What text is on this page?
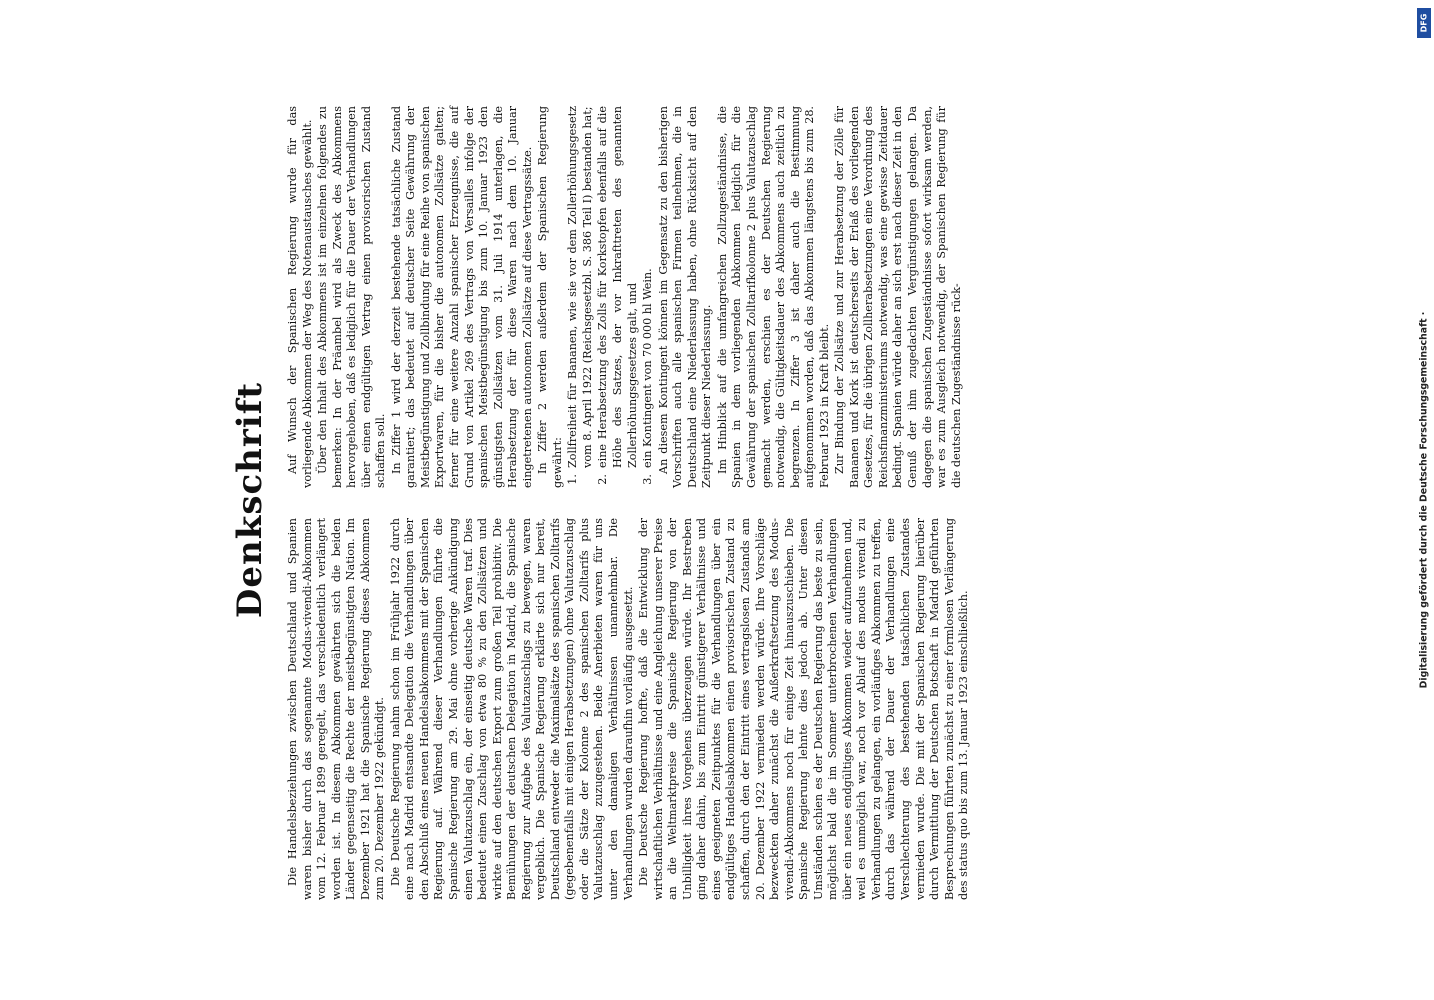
Denkschrift

Die Handelsbeziehungen zwischen Deutschland und Spanien waren bisher durch das sogenannte Modus-vivendi-Abkommen vom 12. Februar 1899 geregelt, das verschiedentlich verlängert worden ist. In diesem Abkommen gewährten sich die beiden Länder gegenseitig die Rechte der meistbegünstigten Nation. Im Dezember 1921 hat die Spanische Regierung dieses Abkommen zum 20. Dezember 1922 gekündigt. Die Deutsche Regierung nahm schon im Frühjahr 1922 durch eine nach Madrid entsandte Delegation die Verhandlungen über den Abschluß eines neuen Handelsabkommens mit der Spanischen Regierung auf. Während dieser Verhandlungen führte die Spanische Regierung am 29. Mai ohne vorherige Ankündigung einen Valutazuschlag ein, der einseitig deutsche Waren traf. Dies bedeutet einen Zuschlag von etwa 80 % zu den Zollsätzen und wirkte auf den deutschen Export zum großen Teil prohibitiv. Die Bemühungen der deutschen Delegation in Madrid, die Spanische Regierung zur Aufgabe des Valutazuschlags zu bewegen, waren vergeblich. Die Spanische Regierung erklärte sich nur bereit, Deutschland entweder die Maximalsätze des spanischen Zolltarifs (gegebenenfalls mit einigen Herabsetzungen) ohne Valutazuschlag oder die Sätze der Kolonne 2 des spanischen Zolltarifs plus Valutazuschlag zuzugestehen. Beide Anerbieten waren für uns unter den damaligen Verhältnissen unannehmbar. Die Verhandlungen wurden daraufhin vorläufig ausgesetzt. Die Deutsche Regierung hoffte, daß die Entwicklung der wirtschaftlichen Verhältnisse und eine Angleichung unserer Preise an die Weltmarktpreise die Spanische Regierung von der Unbilligkeit ihres Vorgehens überzeugen würde. Ihr Bestreben ging daher dahin, bis zum Eintritt günstigerer Verhältnisse und eines geeigneten Zeitpunktes für die Verhandlungen über ein endgültiges Handelsabkommen einen provisorischen Zustand zu schaffen, durch den der Eintritt eines vertragslosen Zustands am 20. Dezember 1922 vermieden werden würde. Ihre Vorschläge bezweckten daher zunächst die Außerkraftsetzung des Modus-vivendi-Abkommens noch für einige Zeit hinauszuschieben. Die Spanische Regierung lehnte dies jedoch ab. Unter diesen Umständen schien es der Deutschen Regierung das beste zu sein, möglichst bald die im Sommer unterbrochenen Verhandlungen über ein neues endgültiges Abkommen wieder aufzunehmen und, weil es unmöglich war, noch vor Ablauf des modus vivendi zu Verhandlungen zu gelangen, ein vorläufiges Abkommen zu treffen, durch das während der Dauer der Verhandlungen eine Verschlechterung des bestehenden tatsächlichen Zustandes vermieden wurde. Die mit der Spanischen Regierung hierüber durch Vermittlung der Deutschen Botschaft in Madrid geführten Besprechungen führten zunächst zu einer formlosen Verlängerung des status quo bis zum 13. Januar 1923 einschließlich.

Auf Wunsch der Spanischen Regierung wurde für das vorliegende Abkommen der Weg des Notenaustausches gewählt. Über den Inhalt des Abkommens ist im einzelnen folgendes zu bemerken: In der Präambel wird als Zweck des Abkommens hervorgehoben, daß es lediglich für die Dauer der Verhandlungen über einen endgültigen Vertrag einen provisorischen Zustand schaffen soll. In Ziffer 1 wird der derzeit bestehende tatsächliche Zustand garantiert; das bedeutet auf deutscher Seite Gewährung der Meistbegünstigung und Zollbindung für eine Reihe von spanischen Exportwaren, für die bisher die autonomen Zollsätze galten; ferner für eine weitere Anzahl spanischer Erzeugnisse, die auf Grund von Artikel 269 des Vertrags von Versailles infolge der spanischen Meistbegünstigung bis zum 10. Januar 1923 den günstigsten Zollsätzen vom 31. Juli 1914 unterlagen, die Herabsetzung der für diese Waren nach dem 10. Januar eingetretenen autonomen Zollsätze auf diese Vertragssätze. In Ziffer 2 werden außerdem der Spanischen Regierung gewährt: 1.
Zollfreiheit für Bananen, wie sie vor dem Zollerhöhungsgesetz vom 8. April 1922 (Reichsgesetzbl. S. 386 Teil I) bestanden hat;
2.
eine Herabsetzung des Zolls für Korkstopfen ebenfalls auf die Höhe des Satzes, der vor Inkrafttreten des genannten Zollerhöhungsgesetzes galt, und
3.
ein Kontingent von 70 000 hl Wein. An diesem Kontingent können im Gegensatz zu den bisherigen Vorschriften auch alle spanischen Firmen teilnehmen, die in Deutschland eine Niederlassung haben, ohne Rücksicht auf den Zeitpunkt dieser Niederlassung. Im Hinblick auf die umfangreichen Zollzugeständnisse, die Spanien in dem vorliegenden Abkommen lediglich für die Gewährung der spanischen Zolltarifkolonne 2 plus Valutazuschlag gemacht werden, erschien es der Deutschen Regierung notwendig, die Gültigkeitsdauer des Abkommens auch zeitlich zu begrenzen. In Ziffer 3 ist daher auch die Bestimmung aufgenommen worden, daß das Abkommen längstens bis zum 28. Februar 1923 in Kraft bleibt. Zur Bindung der Zollsätze und zur Herabsetzung der Zölle für Bananen und Kork ist deutscherseits der Erlaß des vorliegenden Gesetzes, für die übrigen Zollherabsetzungen eine Verordnung des Reichsfinanzministeriums notwendig, was eine gewisse Zeitdauer bedingt. Spanien würde daher an sich erst nach dieser Zeit in den Genuß der ihm zugedachten Vergünstigungen gelangen. Da dagegen die spanischen Zugeständnisse sofort wirksam werden, war es zum Ausgleich notwendig, der Spanischen Regierung für die deutschen Zugeständnisse rück-	Digitalisierung gefördert durch die Deutsche Forschungsgemeinschaft ·
DFG
